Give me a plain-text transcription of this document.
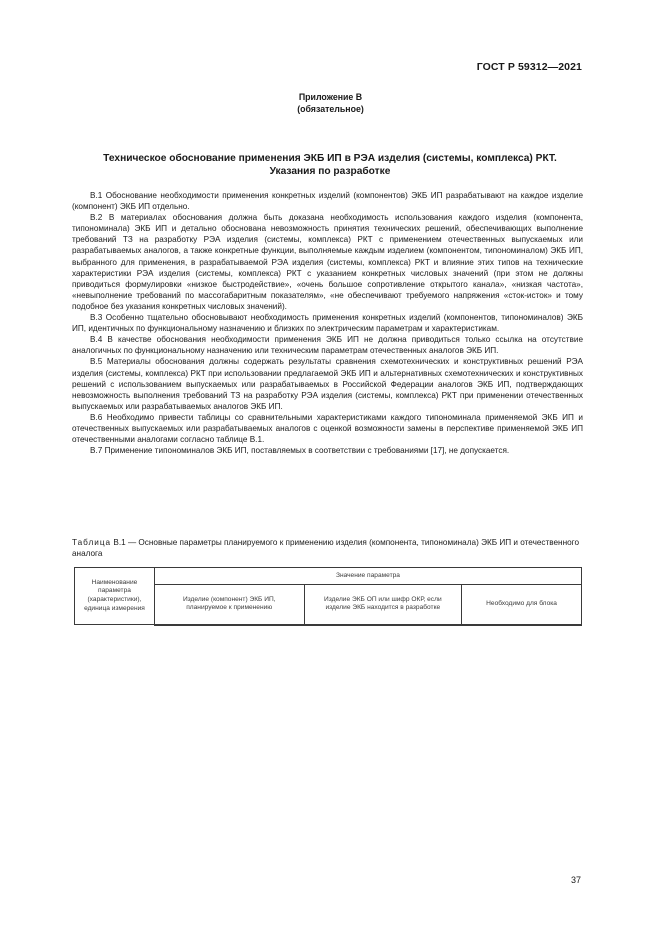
ГОСТ Р 59312—2021
Приложение В
(обязательное)
Техническое обоснование применения ЭКБ ИП в РЭА изделия (системы, комплекса) РКТ.
Указания по разработке

В.1 Обоснование необходимости применения конкретных изделий (компонентов) ЭКБ ИП разрабатывают на каждое изделие (компонент) ЭКБ ИП отдельно.

В.2 В материалах обоснования должна быть доказана необходимость использования каждого изделия (компонента, типономинала) ЭКБ ИП и детально обоснована невозможность принятия технических решений, обеспечивающих выполнение требований ТЗ на разработку РЭА изделия (системы, комплекса) РКТ с применением отечественных выпускаемых или разрабатываемых аналогов, а также конкретные функции, выполняемые каждым изделием (компонентом, типономиналом) ЭКБ ИП, выбранного для применения, в разрабатываемой РЭА изделия (системы, комплекса) РКТ и влияние этих типов на технические характеристики РЭА изделия (системы, комплекса) РКТ с указанием конкретных числовых значений (при этом не должны приводиться формулировки «низкое быстродействие», «очень большое сопротивление открытого канала», «низкая частота», «невыполнение требований по массогабаритным показателям», «не обеспечивают требуемого напряжения «сток-исток» и тому подобное без указания конкретных числовых значений).

В.3 Особенно тщательно обосновывают необходимость применения конкретных изделий (компонентов, типономиналов) ЭКБ ИП, идентичных по функциональному назначению и близких по электрическим параметрам и характеристикам.

В.4 В качестве обоснования необходимости применения ЭКБ ИП не должна приводиться только ссылка на отсутствие аналогичных по функциональному назначению или техническим параметрам отечественных аналогов ЭКБ ИП.

В.5 Материалы обоснования должны содержать результаты сравнения схемотехнических и конструктивных решений РЭА изделия (системы, комплекса) РКТ при использовании предлагаемой ЭКБ ИП и альтернативных схемотехнических и конструктивных решений с использованием выпускаемых или разрабатываемых в Российской Федерации аналогов ЭКБ ИП, подтверждающих невозможность выполнения требований ТЗ на разработку РЭА изделия (системы, комплекса) РКТ при применении отечественных выпускаемых или разрабатываемых аналогов ЭКБ ИП.

В.6 Необходимо привести таблицы со сравнительными характеристиками каждого типономинала применяемой ЭКБ ИП и отечественных выпускаемых или разрабатываемых аналогов с оценкой возможности замены в перспективе применяемой ЭКБ ИП отечественными аналогами согласно таблице В.1.

В.7 Применение типономиналов ЭКБ ИП, поставляемых в соответствии с требованиями [17], не допускается.

Таблица В.1 — Основные параметры планируемого к применению изделия (компонента, типономинала) ЭКБ ИП и отечественного аналога
Наименование параметра (характеристики), единица измерения	Значение параметра		
	Изделие (компонент) ЭКБ ИП, планируемое к применению	Изделие ЭКБ ОП или шифр ОКР, если изделие ЭКБ находится в разработке	Необходимо для блока
37
